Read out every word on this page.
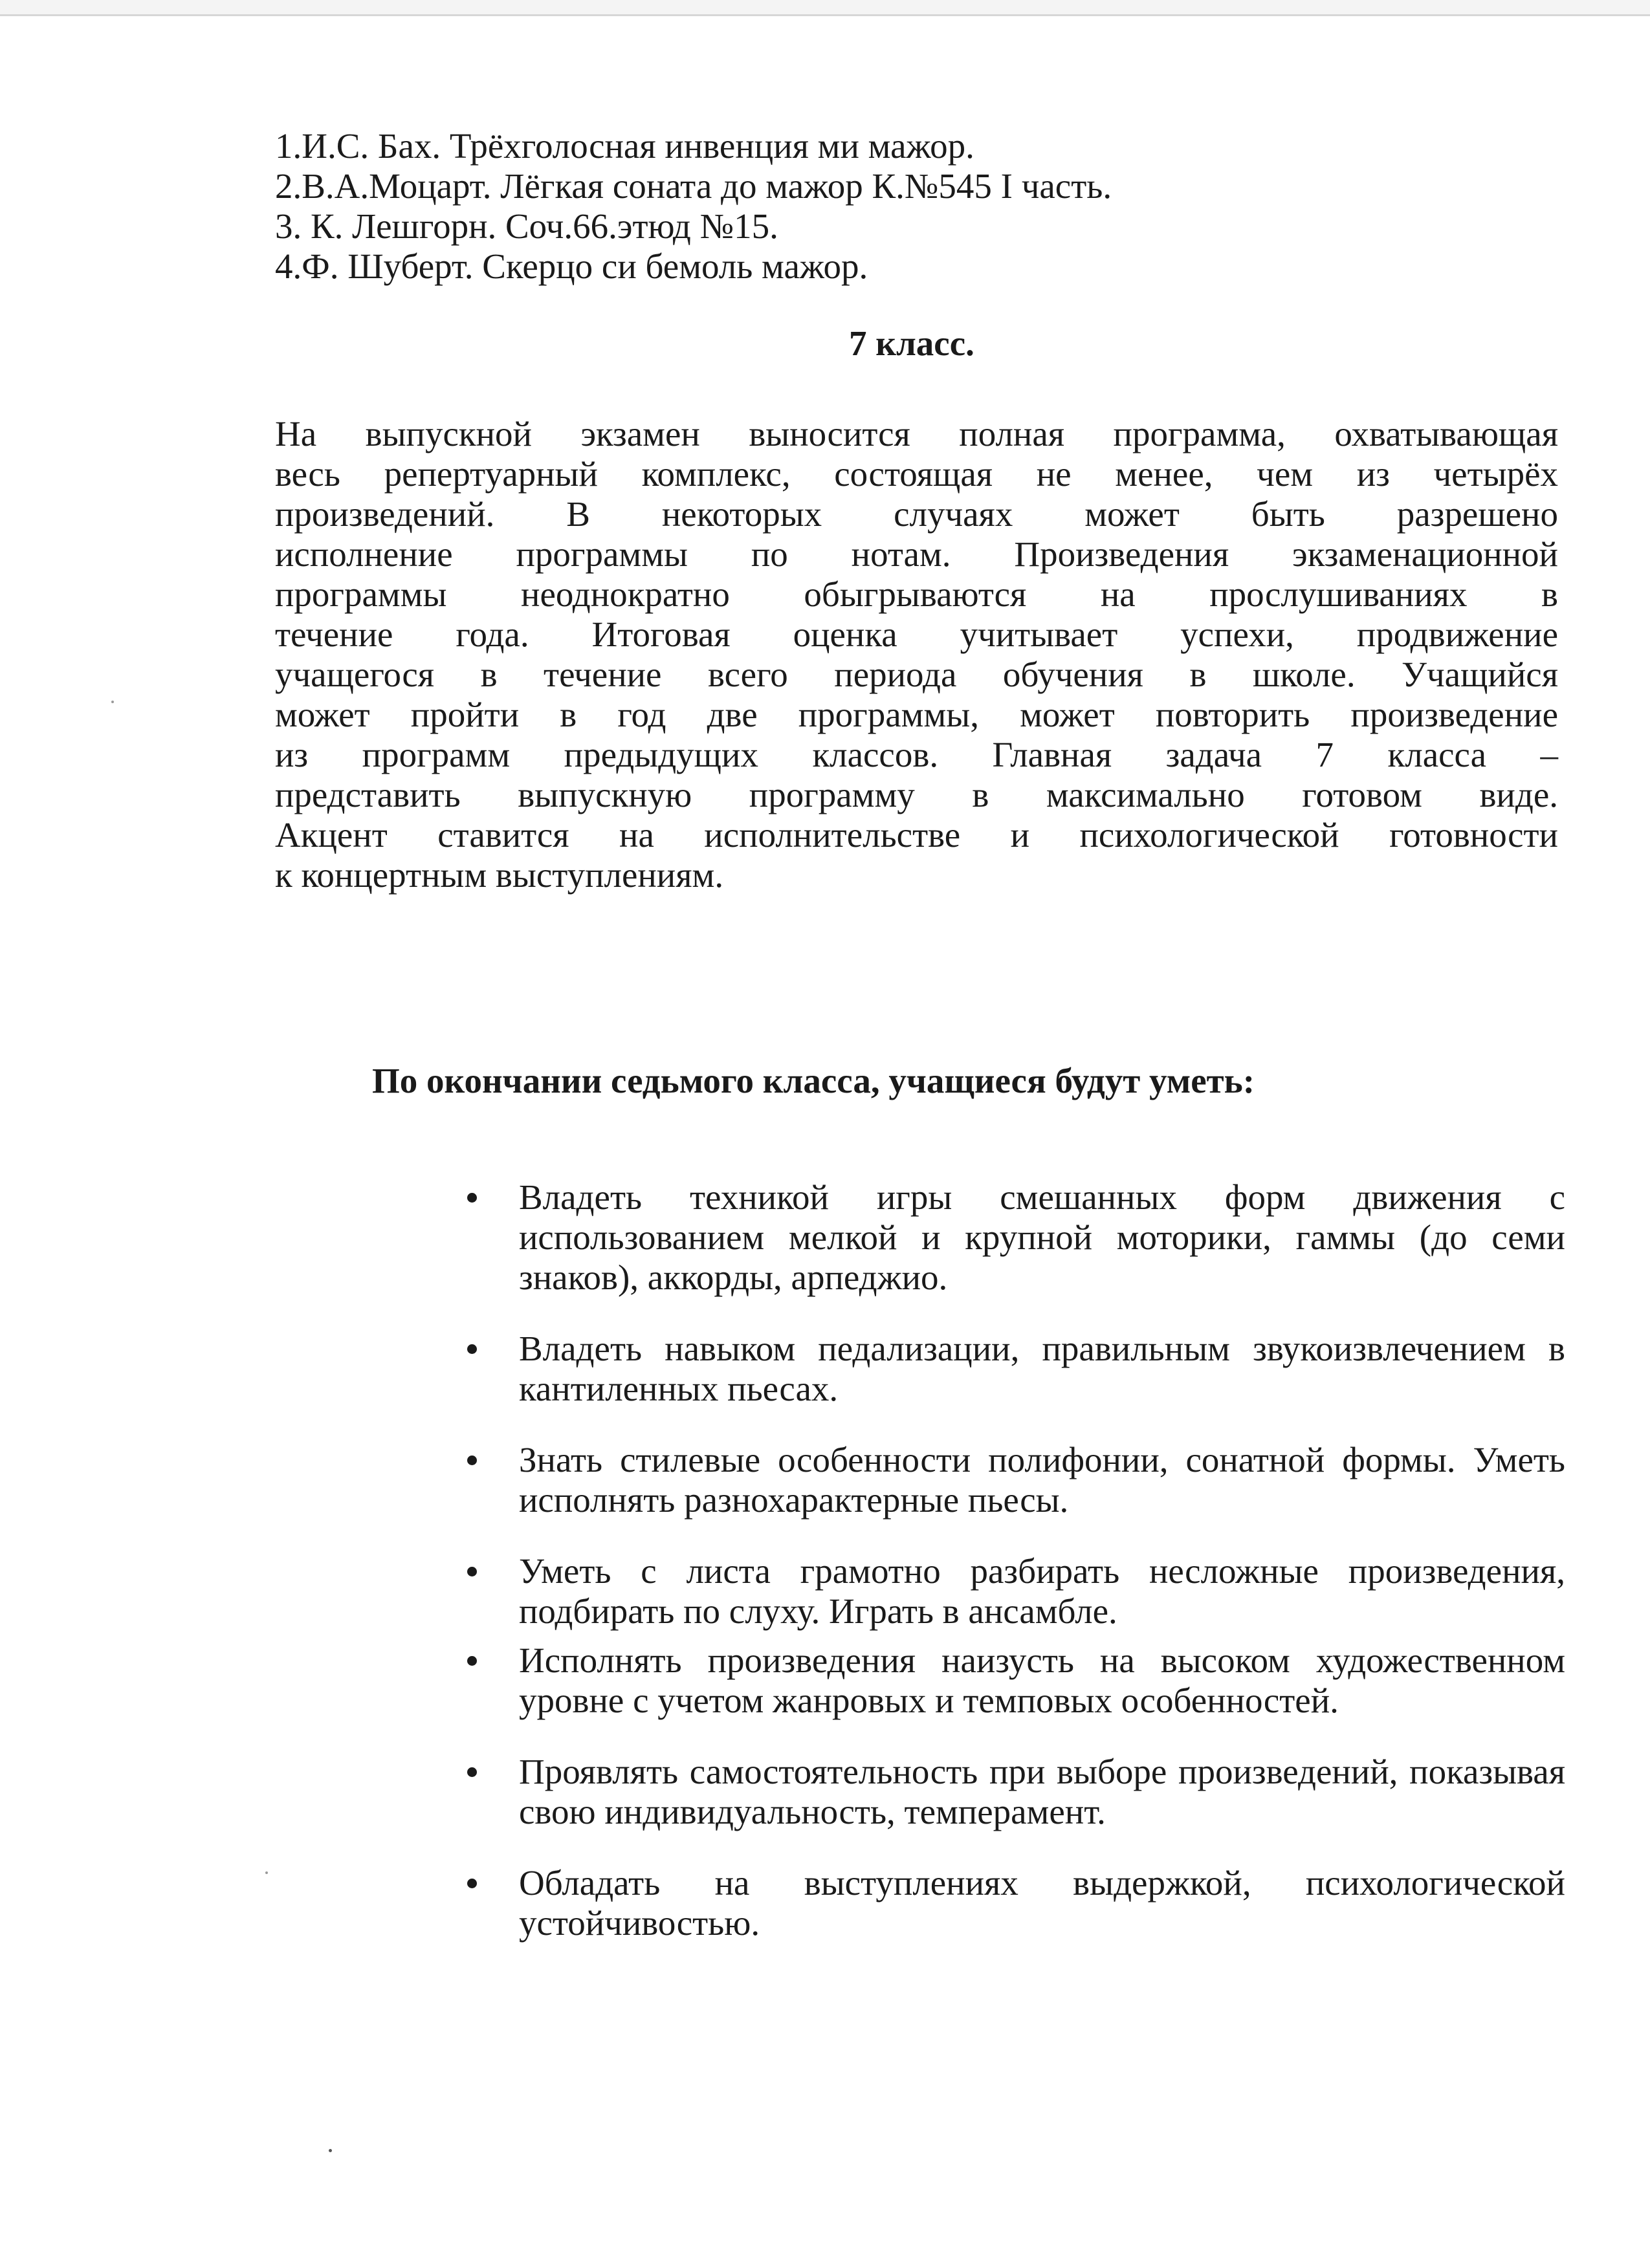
1.И.С. Бах. Трёхголосная инвенция ми мажор.
2.В.А.Моцарт. Лёгкая соната до мажор К.№545 I часть.
3. К. Лешгорн. Соч.66.этюд №15.
4.Ф. Шуберт. Скерцо си бемоль мажор.
7 класс.
На выпускной экзамен выносится полная программа, охватывающая
весь репертуарный комплекс, состоящая не менее, чем из четырёх
произведений. В некоторых случаях может быть разрешено
исполнение программы по нотам. Произведения экзаменационной
программы неоднократно обыгрываются на прослушиваниях в
течение года. Итоговая оценка учитывает успехи, продвижение
учащегося в течение всего периода обучения в школе. Учащийся
может пройти в год две программы, может повторить произведение
из программ предыдущих классов. Главная задача 7 класса –
представить выпускную программу в максимально готовом виде.
Акцент ставится на исполнительстве и психологической готовности
к концертным выступлениям.
По окончании седьмого класса, учащиеся будут уметь:
Владеть техникой игры смешанных форм движения с использованием мелкой и крупной моторики, гаммы (до семи знаков), аккорды, арпеджио.
Владеть навыком педализации, правильным звукоизвлечением в кантиленных пьесах.
Знать стилевые особенности полифонии, сонатной формы. Уметь исполнять разнохарактерные пьесы.
Уметь с листа грамотно разбирать несложные произведения, подбирать по слуху. Играть в ансамбле.
Исполнять произведения наизусть на высоком художественном уровне с учетом жанровых и темповых особенностей.
Проявлять самостоятельность при выборе произведений, показывая свою индивидуальность, темперамент.
Обладать на выступлениях выдержкой, психологической устойчивостью.
